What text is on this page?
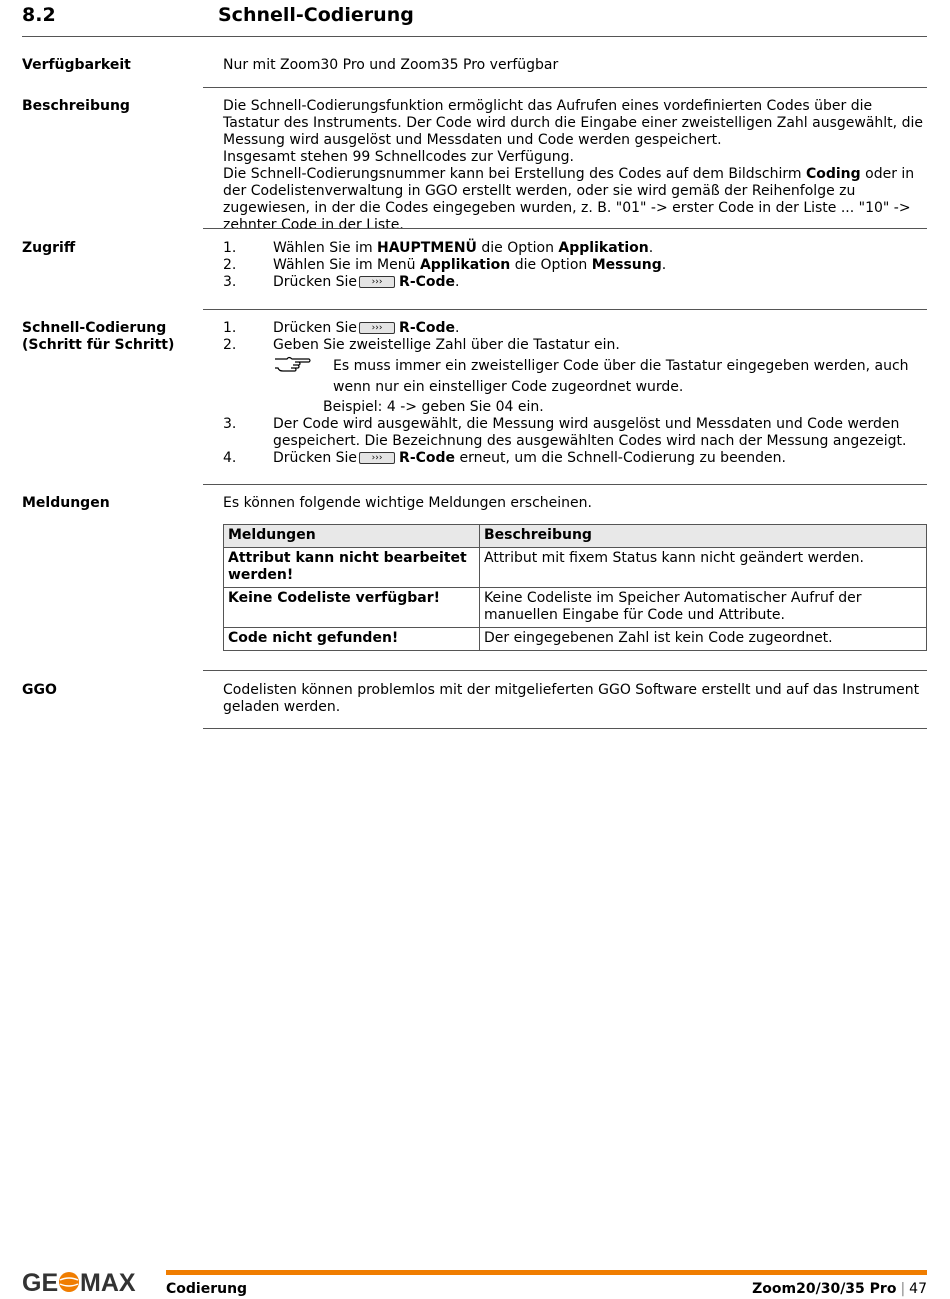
8.2	Schnell-Codierung
Verfügbarkeit	Nur mit Zoom30 Pro und Zoom35 Pro verfügbar
Beschreibung	Die Schnell-Codierungsfunktion ermöglicht das Aufrufen eines vordefinierten Codes über die Tastatur des Instruments. Der Code wird durch die Eingabe einer zweistelligen Zahl ausgewählt, die Messung wird ausgelöst und Messdaten und Code werden gespeichert.

Insgesamt stehen 99 Schnellcodes zur Verfügung.

Die Schnell-Codierungsnummer kann bei Erstellung des Codes auf dem Bildschirm Coding oder in der Codelistenverwaltung in GGO erstellt werden, oder sie wird gemäß der Reihenfolge zu zugewiesen, in der die Codes eingegeben wurden, z. B. "01" -> erster Code in der Liste ... "10" -> zehnter Code in der Liste.

Zugriff	1.	Wählen Sie im HAUPTMENÜ die Option Applikation.
2.	Wählen Sie im Menü Applikation die Option Messung.
3.	Drücken Sie ››› R-Code.
Schnell-Codierung
(Schritt für Schritt)
1.	Drücken Sie ››› R-Code.
2.	Geben Sie zweistellige Zahl über die Tastatur ein.

Es muss immer ein zweistelliger Code über die Tastatur eingegeben werden, auch wenn nur ein einstelliger Code zugeordnet wurde.

Beispiel: 4 -> geben Sie 04 ein.
3.	Der Code wird ausgewählt, die Messung wird ausgelöst und Messdaten und Code werden gespeichert. Die Bezeichnung des ausgewählten Codes wird nach der Messung angezeigt.
4.	Drücken Sie ››› R-Code erneut, um die Schnell-Codierung zu beenden.
Meldungen	Es können folgende wichtige Meldungen erscheinen.

Meldungen	Beschreibung
Attribut kann nicht bearbeitet werden!	Attribut mit fixem Status kann nicht geändert werden.
Keine Codeliste verfügbar!	Keine Codeliste im Speicher Automatischer Aufruf der manuellen Eingabe für Code und Attribute.
Code nicht gefunden!	Der eingegebenen Zahl ist kein Code zugeordnet.
GGO	Codelisten können problemlos mit der mitgelieferten GGO Software erstellt und auf das Instrument geladen werden.
GE MAX Codierung	Zoom20/30/35 Pro | 47
